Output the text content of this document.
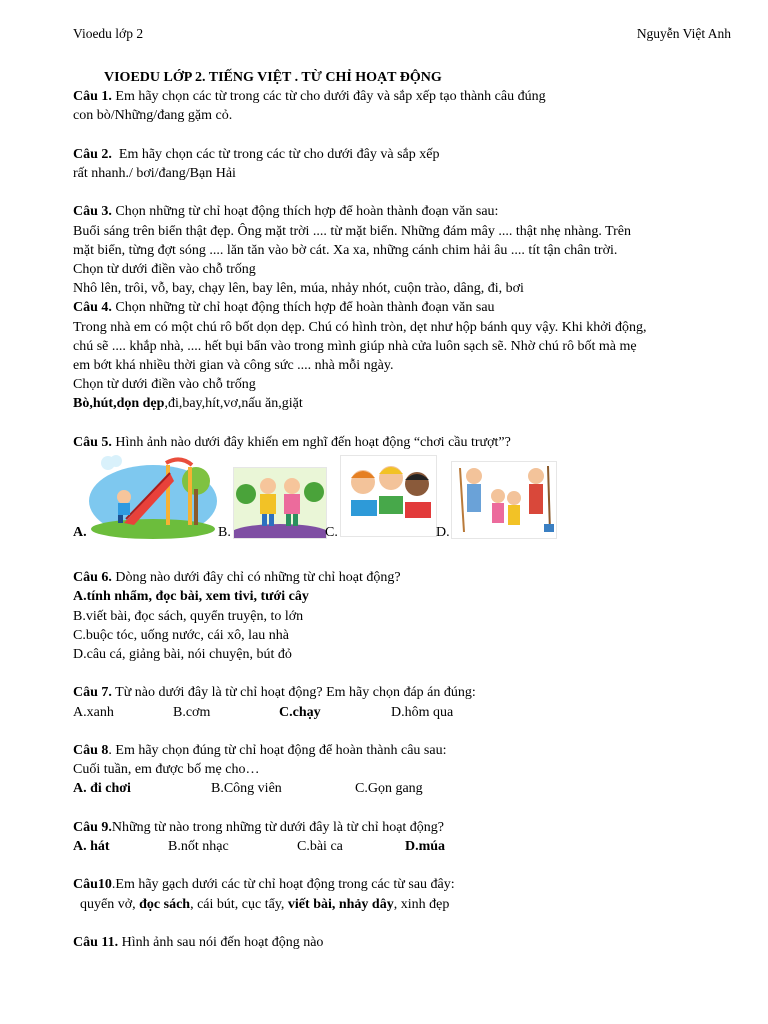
Vioedu lớp 2	Nguyễn Việt Anh
VIOEDU LỚP 2. TIẾNG VIỆT . TỪ CHỈ HOẠT ĐỘNG
Câu 1. Em hãy chọn các từ trong các từ cho dưới đây và sắp xếp tạo thành câu đúng
con bò/Những/đang gặm cỏ.
Câu 2.  Em hãy chọn các từ trong các từ cho dưới đây và sắp xếp
rất nhanh./ bơi/đang/Bạn Hải
Câu 3. Chọn những từ chỉ hoạt động thích hợp để hoàn thành đoạn văn sau:
Buổi sáng trên biển thật đẹp. Ông mặt trời .... từ mặt biển. Những đám mây .... thật nhẹ nhàng. Trên
mặt biển, từng đợt sóng .... lăn tăn vào bờ cát. Xa xa, những cánh chim hải âu .... tít tận chân trời.
Chọn từ dưới điền vào chỗ trống
Nhô lên, trôi, vỗ, bay, chạy lên, bay lên, múa, nhảy nhót, cuộn trào, dâng, đi, bơi
Câu 4. Chọn những từ chỉ hoạt động thích hợp để hoàn thành đoạn văn sau
Trong nhà em có một chú rô bốt dọn dẹp. Chú có hình tròn, dẹt như hộp bánh quy vậy. Khi khởi động,
chú sẽ .... khắp nhà, .... hết bụi bẩn vào trong mình giúp nhà cửa luôn sạch sẽ. Nhờ chú rô bốt mà mẹ
em bớt khá nhiều thời gian và công sức .... nhà mỗi ngày.
Chọn từ dưới điền vào chỗ trống
Bò,hút,dọn dẹp,đi,bay,hít,vơ,nấu ăn,giặt
Câu 5. Hình ảnh nào dưới đây khiến em nghĩ đến hoạt động “chơi cầu trượt”?
A.	B.	C.	D.
Câu 6. Dòng nào dưới đây chỉ có những từ chỉ hoạt động?
A.tính nhẩm, đọc bài, xem tivi, tưới cây
B.viết bài, đọc sách, quyển truyện, to lớn
C.buộc tóc, uống nước, cái xô, lau nhà
D.câu cá, giảng bài, nói chuyện, bút đỏ
Câu 7. Từ nào dưới đây là từ chỉ hoạt động? Em hãy chọn đáp án đúng:
A.xanh	B.cơm	C.chạy	D.hôm qua
Câu 8. Em hãy chọn đúng từ chỉ hoạt động để hoàn thành câu sau:
Cuối tuần, em được bố mẹ cho…
A. đi chơi	B.Công viên	C.Gọn gang
Câu 9.Những từ nào trong những từ dưới đây là từ chỉ hoạt động?
A. hát	B.nốt nhạc	C.bài ca	D.múa
Câu10.Em hãy gạch dưới các từ chỉ hoạt động trong các từ sau đây:
quyển vở, đọc sách, cái bút, cục tẩy, viết bài, nhảy dây, xinh đẹp
Câu 11. Hình ảnh sau nói đến hoạt động nào
